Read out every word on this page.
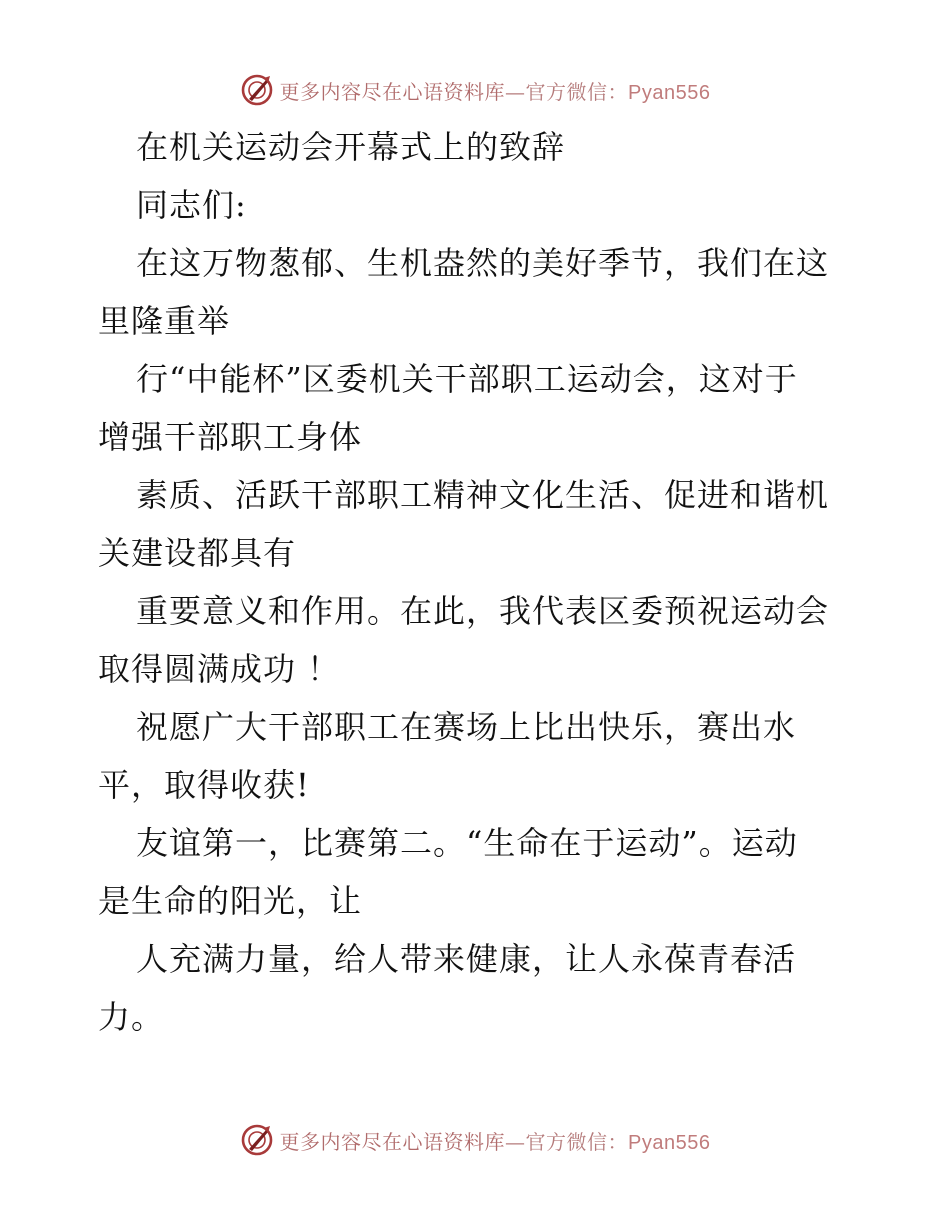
更多内容尽在心语资料库—官方微信：Pyan556
在机关运动会开幕式上的致辞
同志们:
在这万物葱郁、生机盎然的美好季节，我们在这
里隆重举
行“中能杯”区委机关干部职工运动会，这对于
增强干部职工身体
素质、活跃干部职工精神文化生活、促进和谐机
关建设都具有
重要意义和作用。在此，我代表区委预祝运动会
取得圆满成功 ！
祝愿广大干部职工在赛场上比出快乐，赛出水
平，取得收获!
友谊第一，比赛第二。“生命在于运动”。运动
是生命的阳光，让
人充满力量，给人带来健康，让人永葆青春活
力。
更多内容尽在心语资料库—官方微信：Pyan556
